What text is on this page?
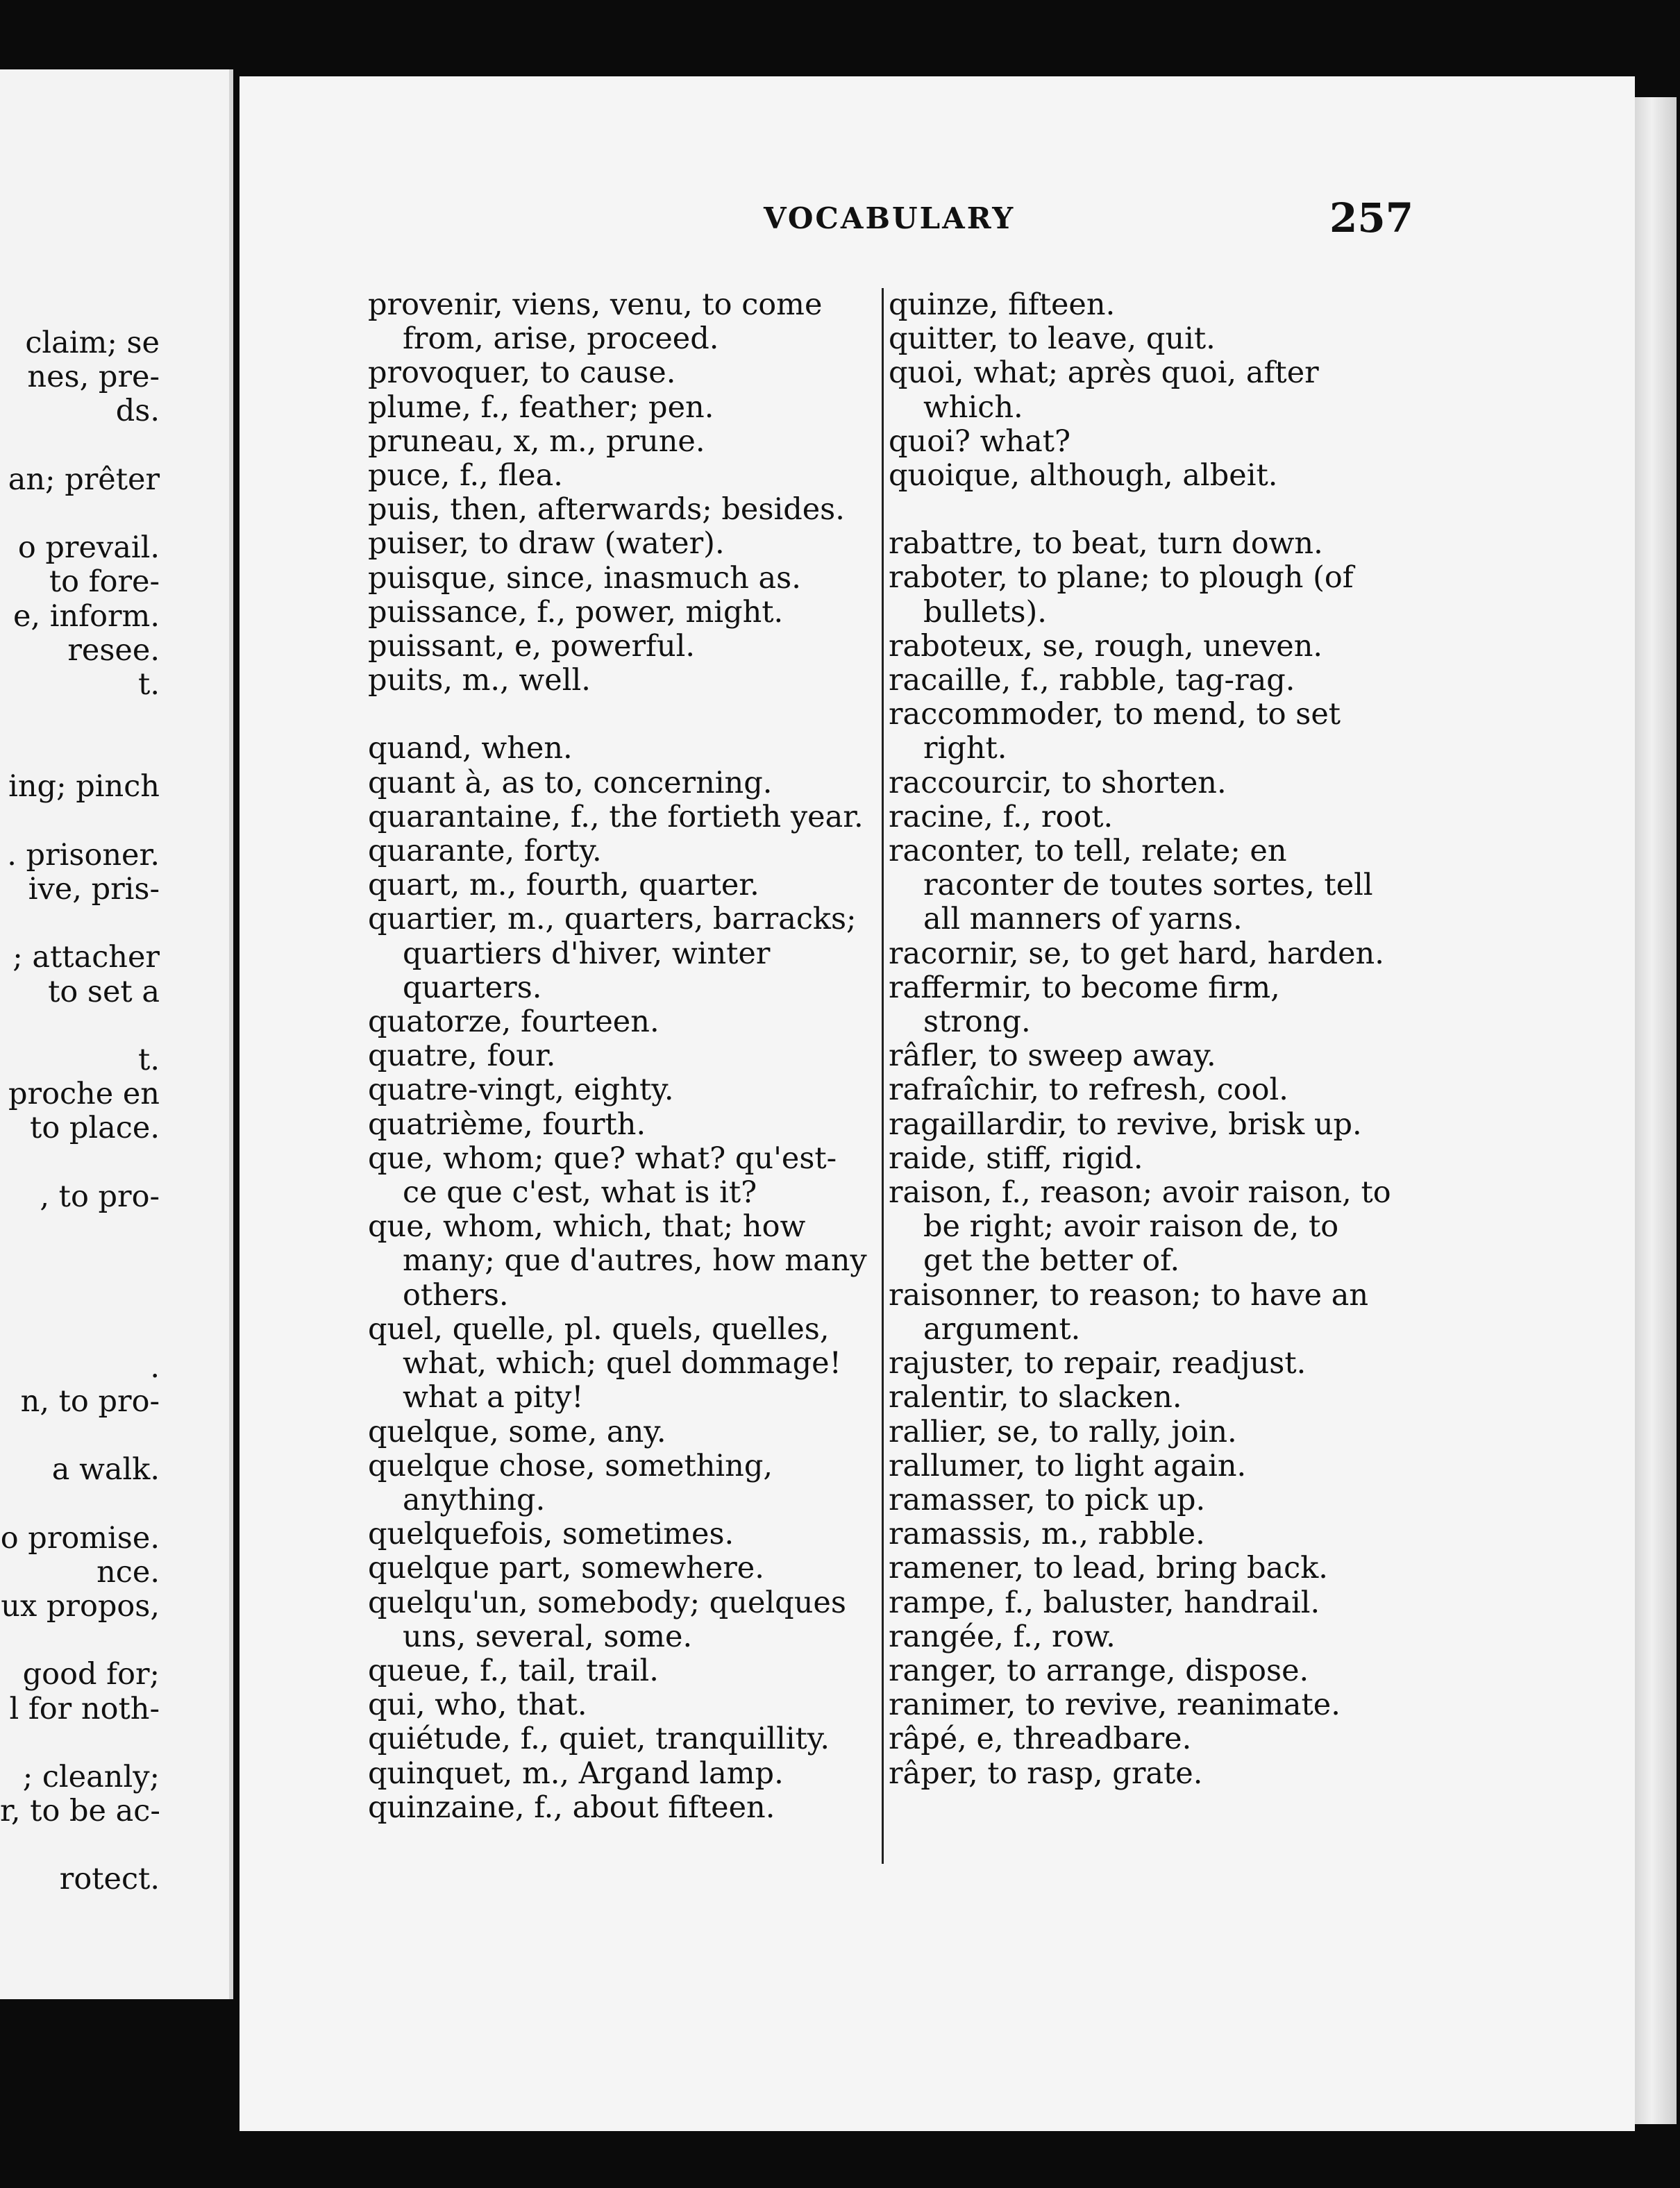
claim; se
nes, pre-
ds.
an; prêter
o prevail.
to fore-
e, inform.
resee.
t.
ing; pinch
. prisoner.
ive, pris-
; attacher
to set a
t.
proche en
to place.
, to pro-
.
n, to pro-
a walk.
o promise.
nce.
ux propos,
good for;
l for noth-
; cleanly;
r, to be ac-
rotect.
VOCABULARY	257
provenir, viens, venu, to come from, arise, proceed.
provoquer, to cause.
plume, f., feather; pen.
pruneau, x, m., prune.
puce, f., flea.
puis, then, afterwards; besides.
puiser, to draw (water).
puisque, since, inasmuch as.
puissance, f., power, might.
puissant, e, powerful.
puits, m., well.
quand, when.
quant à, as to, concerning.
quarantaine, f., the fortieth year.
quarante, forty.
quart, m., fourth, quarter.
quartier, m., quarters, barracks; quartiers d'hiver, winter quarters.
quatorze, fourteen.
quatre, four.
quatre-vingt, eighty.
quatrième, fourth.
que, whom; que? what? qu'est-ce que c'est, what is it?
que, whom, which, that; how many; que d'autres, how many others.
quel, quelle, pl. quels, quelles, what, which; quel dommage! what a pity!
quelque, some, any.
quelque chose, something, anything.
quelquefois, sometimes.
quelque part, somewhere.
quelqu'un, somebody; quelques uns, several, some.
queue, f., tail, trail.
qui, who, that.
quiétude, f., quiet, tranquillity.
quinquet, m., Argand lamp.
quinzaine, f., about fifteen.
quinze, fifteen.
quitter, to leave, quit.
quoi, what; après quoi, after which.
quoi? what?
quoique, although, albeit.
rabattre, to beat, turn down.
raboter, to plane; to plough (of bullets).
raboteux, se, rough, uneven.
racaille, f., rabble, tag-rag.
raccommoder, to mend, to set right.
raccourcir, to shorten.
racine, f., root.
raconter, to tell, relate; en raconter de toutes sortes, tell all manners of yarns.
racornir, se, to get hard, harden.
raffermir, to become firm, strong.
râfler, to sweep away.
rafraîchir, to refresh, cool.
ragaillardir, to revive, brisk up.
raide, stiff, rigid.
raison, f., reason; avoir raison, to be right; avoir raison de, to get the better of.
raisonner, to reason; to have an argument.
rajuster, to repair, readjust.
ralentir, to slacken.
rallier, se, to rally, join.
rallumer, to light again.
ramasser, to pick up.
ramassis, m., rabble.
ramener, to lead, bring back.
rampe, f., baluster, handrail.
rangée, f., row.
ranger, to arrange, dispose.
ranimer, to revive, reanimate.
râpé, e, threadbare.
râper, to rasp, grate.
